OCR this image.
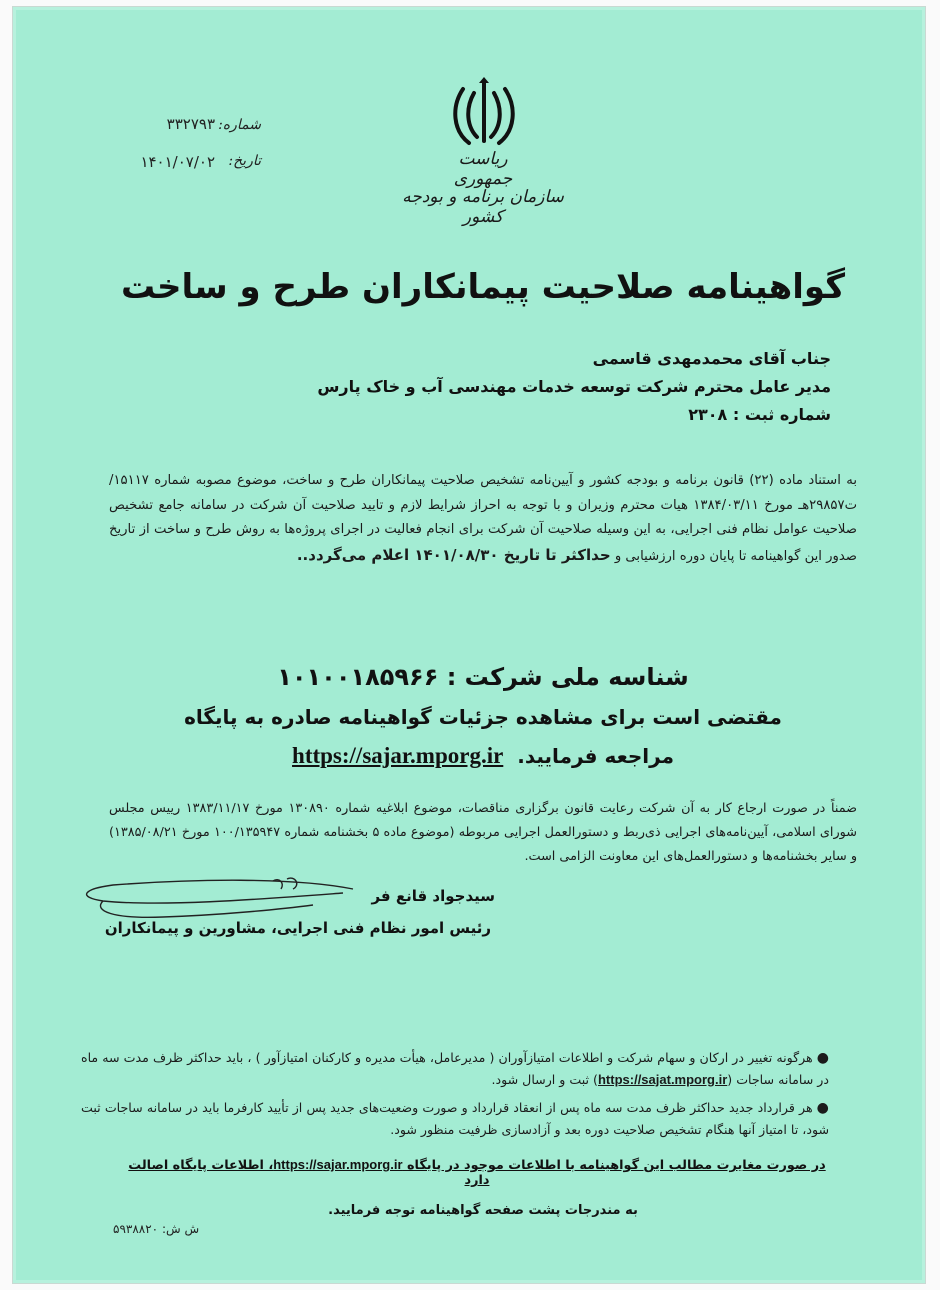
ریاست جمهوری
سازمان برنامه و بودجه کشور
شماره:
۳۳۲۷۹۳
تاریخ:
۱۴۰۱/۰۷/۰۲
گواهینامه صلاحیت پیمانکاران طرح و ساخت
جناب آقای محمدمهدی قاسمی
مدیر عامل محترم شرکت توسعه خدمات مهندسی آب و خاک پارس
شماره ثبت : ۲۳۰۸
به استناد ماده (۲۲) قانون برنامه و بودجه کشور و آیین‌نامه تشخیص صلاحیت پیمانکاران طرح و ساخت، موضوع مصوبه شماره ۱۵۱۱۷/ت۲۹۸۵۷هـ مورخ ۱۳۸۴/۰۳/۱۱ هیات محترم وزیران و با توجه به احراز شرایط لازم و تایید صلاحیت آن شرکت در سامانه جامع تشخیص صلاحیت عوامل نظام فنی اجرایی، به این وسیله صلاحیت آن شرکت برای انجام فعالیت در اجرای پروژه‌ها به روش طرح و ساخت از تاریخ صدور این گواهینامه تا پایان دوره ارزشیابی و حداکثر تا تاریخ ۱۴۰۱/۰۸/۳۰ اعلام می‌گردد..
شناسه ملی شرکت : ۱۰۱۰۰۱۸۵۹۶۶
مقتضی است برای مشاهده جزئیات گواهینامه صادره به پایگاه
مراجعه فرمایید.  https://sajar.mporg.ir
ضمناً در صورت ارجاع کار به آن شرکت رعایت قانون برگزاری مناقصات، موضوع ابلاغیه شماره ۱۳۰۸۹۰ مورخ ۱۳۸۳/۱۱/۱۷ رییس مجلس شورای اسلامی، آیین‌نامه‌های اجرایی ذی‌ربط و دستورالعمل اجرایی مربوطه (موضوع ماده ۵ بخشنامه شماره ۱۰۰/۱۳۵۹۴۷ مورخ ۱۳۸۵/۰۸/۲۱) و سایر بخشنامه‌ها و دستورالعمل‌های این معاونت الزامی است.
سیدجواد قانع فر
رئیس امور نظام فنی اجرایی، مشاورین و پیمانکاران
●هرگونه تغییر در ارکان و سهام شرکت و اطلاعات امتیازآوران ( مدیرعامل، هیأت مدیره و کارکنان امتیازآور ) ، باید حداکثر ظرف مدت سه ماه در سامانه ساجات (https://sajat.mporg.ir) ثبت و ارسال شود.
●هر قرارداد جدید حداکثر ظرف مدت سه ماه پس از انعقاد قرارداد و صورت وضعیت‌های جدید پس از تأیید کارفرما باید در سامانه ساجات ثبت شود، تا امتیاز آنها هنگام تشخیص صلاحیت دوره بعد و آزادسازی ظرفیت منظور شود.
در صورت مغایرت مطالب این گواهینامه با اطلاعات موجود در پایگاه https://sajar.mporg.ir، اطلاعات پایگاه اصالت دارد
به مندرجات پشت صفحه گواهینامه توجه فرمایید.
ش ش: ۵۹۳۸۸۲۰
